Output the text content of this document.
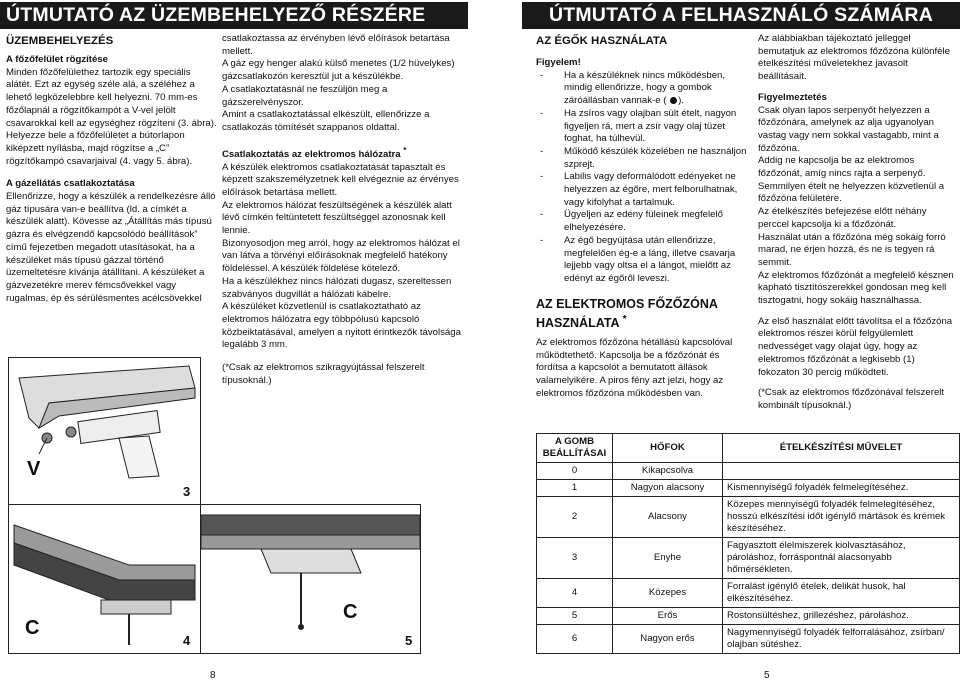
ÚTMUTATÓ AZ ÜZEMBEHELYEZŐ RÉSZÉRE
ÜZEMBEHELYEZÉS

A főzőfelület rögzítése

Minden főzőfelülethez tartozik egy speciális alátét. Ezt az egység széle alá, a széléhez a lehető legközelebbre kell helyezni. 70 mm-es főzőlapnál a rögzítőkampót a V-vel jelölt csavarokkal kell az egységhez rögzíteni (3. ábra). Helyezze bele a főzőfelületet a bútorlapon kiképzett nyílásba, majd rögzítse a „C” rögzítőkampó csavarjaival (4. vagy 5. ábra).

A gázellátás csatlakoztatása

Ellenőrizze, hogy a készülék a rendelkezésre álló gáz típusára van-e beállítva (ld. a címkét a készülék alatt). Kövesse az „Átállítás más típusú gázra és elvégzendő kapcsolódó beállítások” című fejezetben megadott utasításokat, ha a készüléket más típusú gázzal történő üzemeltetésre kívánja átállítani. A készüléket a gázvezetékre merev fémcsővekkel vagy rugalmas, ép és sérülésmentes acélcsövekkel

csatlakoztassa az érvényben lévő előírások betartása mellett.

A gáz egy henger alakú külső menetes (1/2 hüvelykes) gázcsatlakozón keresztül jut a készülékbe.

A csatlakoztatásnál ne feszüljön meg a gázszerelvényszor.

Amint a csatlakoztatással elkészült, ellenőrizze a csatlakozás tömítését szappanos oldattal.

Csatlakoztatás az elektromos hálózatra *

A készülék elektromos csatlakoztatását tapasztalt és képzett szakszemélyzetnek kell elvégeznie az érvényes előírások betartása mellett.

Az elektromos hálózat feszültségének a készülék alatt lévő címkén feltüntetett feszültséggel azonosnak kell lennie.

Bizonyosodjon meg arról, hogy az elektromos hálózat el van látva a törvényi előírásoknak megfelelő hatékony földeléssel. A készülék földelése kötelező.

Ha a készülékhez nincs hálózati dugasz, szereltessen szabványos dugvillát a hálózati kábelre.

A készüléket közvetlenül is csatlakoztatható az elektromos hálózatra egy többpólusú kapcsoló közbeiktatásával, amelyen a nyitott érintkezők távolsága legalább 3 mm.

(*Csak az elektromos szikragyújtással felszerelt típusoknál.)

V
3
C
4
C
5
8
ÚTMUTATÓ A FELHASZNÁLÓ SZÁMÁRA
AZ ÉGŐK HASZNÁLATA

Figyelem!

- Ha a készüléknek nincs működésben, mindig ellenőrizze, hogy a gombok záróállásban vannak-e ( ).
- Ha zsíros vagy olajban sült ételt, nagyon figyeljen rá, mert a zsír vagy olaj tüzet foghat, ha túlhevül.
- Működő készülék közelében ne használjon szprejt.
- Labilis vagy deformálódott edényeket ne helyezzen az égőre, mert felborulhatnak, vagy kifolyhat a tartalmuk.
- Ügyeljen az edény füleinek megfelelő elhelyezésére.
- Az égő begyújtása után ellenőrizze, megfelelően ég-e a láng, illetve csavarja lejjebb vagy oltsa el a lángot, mielőtt az edényt az égőről leveszi.
AZ ELEKTROMOS FŐZŐZÓNA HASZNÁLATA *

Az elektromos főzőzóna hétállású kapcsolóval működtethető. Kapcsolja be a főzőzónát és fordítsa a kapcsolót a bemutatott állások valamelyikére. A piros fény azt jelzi, hogy az elektromos főzőzóna működésben van.

Az alábbiakban tájékoztató jelleggel bemutatjuk az elektromos főzőzóna különféle ételkészítési műveletekhez javasolt beállításait.

Figyelmeztetés

Csak olyan lapos serpenyőt helyezzen a főzőzónára, amelynek az alja ugyanolyan vastag vagy nem sokkal vastagabb, mint a főzőzóna.

Addig ne kapcsolja be az elektromos főzőzónát, amíg nincs rajta a serpenyő.

Semmilyen ételt ne helyezzen közvetlenül a főzőzóna felületére.

Az ételkészítés befejezése előtt néhány perccel kapcsolja ki a főzőzónát.

Használat után a főzőzóna még sokáig forró marad, ne érjen hozzá, és ne is tegyen rá semmit.

Az elektromos főzőzónát a megfelelő késznen kapható tisztítószerekkel gondosan meg kell tisztogatni, hogy sokáig használhassa.

Az első használat előtt távolítsa el a főzőzóna elektromos részei körül felgyülemlett nedvességet vagy olajat úgy, hogy az elektromos főzőzónát a legkisebb (1) fokozaton 30 percig működteti.

(*Csak az elektromos főzőzónával felszerelt kombinált típusoknál.)

A GOMB BEÁLLÍTÁSAI	HŐFOK	ÉTELKÉSZÍTÉSI MŰVELET
0	Kikapcsolva	
1	Nagyon alacsony	Kismennyiségű folyadék felmelegítéséhez.
2	Alacsony	Közepes mennyiségű folyadék felmelegítéséhez, hosszú elkészítési időt igénylő mártások és krémek készítéséhez.
3	Enyhe	Fagyasztott élelmiszerek kiolvasztásához, pároláshoz, forráspontnál alacsonyabb hőmérsékleten.
4	Közepes	Forralást igénylő ételek, delikát husok, hal elkészítéséhez.
5	Erős	Rostonsültéshez, grillezéshez, pároláshoz.
6	Nagyon erős	Nagymennyiségű folyadék felforralásához, zsírban/ olajban sütéshez.
5
